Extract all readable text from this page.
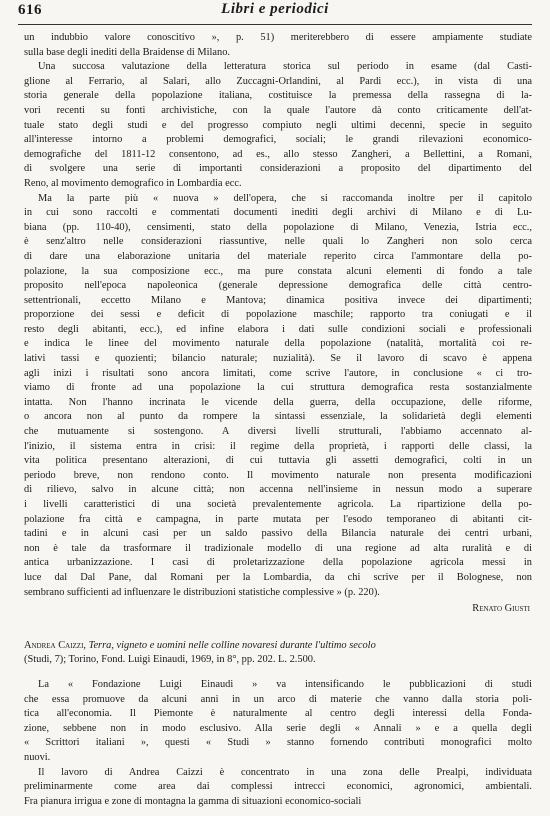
616	Libri e periodici
un indubbio valore conoscitivo », p. 51) meriterebbero di essere ampiamente studiate
sulla base degli inediti della Braidense di Milano.
Una succosa valutazione della letteratura storica sul periodo in esame (dal Casti-
glione al Ferrario, al Salari, allo Zuccagni-Orlandini, al Pardi ecc.), in vista di una
storia generale della popolazione italiana, costituisce la premessa della rassegna di la-
vori recenti su fonti archivistiche, con la quale l'autore dà conto criticamente dell'at-
tuale stato degli studi e del progresso compiuto negli ultimi decenni, specie in seguito
all'interesse intorno a problemi demografici, sociali; le grandi rilevazioni economico-
demografiche del 1811-12 consentono, ad es., allo stesso Zangheri, a Bellettini, a Romani,
di svolgere una serie di importanti considerazioni a proposito del dipartimento del
Reno, al movimento demografico in Lombardia ecc.
Ma la parte più « nuova » dell'opera, che si raccomanda inoltre per il capitolo
in cui sono raccolti e commentati documenti inediti degli archivi di Milano e di Lu-
biana (pp. 110-40), censimenti, stato della popolazione di Milano, Venezia, Istria ecc.,
è senz'altro nelle considerazioni riassuntive, nelle quali lo Zangheri non solo cerca
di dare una elaborazione unitaria del materiale reperito circa l'ammontare della po-
polazione, la sua composizione ecc., ma pure constata alcuni elementi di fondo a tale
proposito nell'epoca napoleonica (generale depressione demografica delle città centro-
settentrionali, eccetto Milano e Mantova; dinamica positiva invece dei dipartimenti;
proporzione dei sessi e deficit di popolazione maschile; rapporto tra coniugati e il
resto degli abitanti, ecc.), ed infine elabora i dati sulle condizioni sociali e professionali
e indica le linee del movimento naturale della popolazione (natalità, mortalità coi re-
lativi tassi e quozienti; bilancio naturale; nuzialità). Se il lavoro di scavo è appena
agli inizi i risultati sono ancora limitati, come scrive l'autore, in conclusione « ci tro-
viamo di fronte ad una popolazione la cui struttura demografica resta sostanzialmente
intatta. Non l'hanno incrinata le vicende della guerra, della occupazione, delle riforme,
o ancora non al punto da rompere la sintassi essenziale, la solidarietà degli elementi
che mutuamente si sostengono. A diversi livelli strutturali, l'abbiamo accennato al-
l'inizio, il sistema entra in crisi: il regime della proprietà, i rapporti delle classi, la
vita politica presentano alterazioni, di cui tuttavia gli assetti demografici, colti in un
periodo breve, non rendono conto. Il movimento naturale non presenta modificazioni
di rilievo, salvo in alcune città; non accenna nell'insieme in nessun modo a superare
i livelli caratteristici di una società prevalentemente agricola. La ripartizione della po-
polazione fra città e campagna, in parte mutata per l'esodo temporaneo di abitanti cit-
tadini e in alcuni casi per un saldo passivo della Bilancia naturale dei centri urbani,
non è tale da trasformare il tradizionale modello di una regione ad alta ruralità e di
antica urbanizzazione. I casi di proletarizzazione della popolazione agricola messi in
luce dal Dal Pane, dal Romani per la Lombardia, da chi scrive per il Bolognese, non
sembrano sufficienti ad influenzare le distribuzioni statistiche complessive » (p. 220).
Renato Giusti
Andrea Caizzi, Terra, vigneto e uomini nelle colline novaresi durante l'ultimo secolo
(Studi, 7); Torino, Fond. Luigi Einaudi, 1969, in 8°, pp. 202. L. 2.500.
La « Fondazione Luigi Einaudi » va intensificando le pubblicazioni di studi
che essa promuove da alcuni anni in un arco di materie che vanno dalla storia poli-
tica all'economia. Il Piemonte è naturalmente al centro degli interessi della Fonda-
zione, sebbene non in modo esclusivo. Alla serie degli « Annali » e a quella degli
« Scrittori italiani », questi « Studi » stanno fornendo contributi monografici molto
nuovi.
Il lavoro di Andrea Caizzi è concentrato in una zona delle Prealpi, individuata
preliminarmente come area dai complessi intrecci economici, agronomici, ambientali.
Fra pianura irrigua e zone di montagna la gamma di situazioni economico-sociali
